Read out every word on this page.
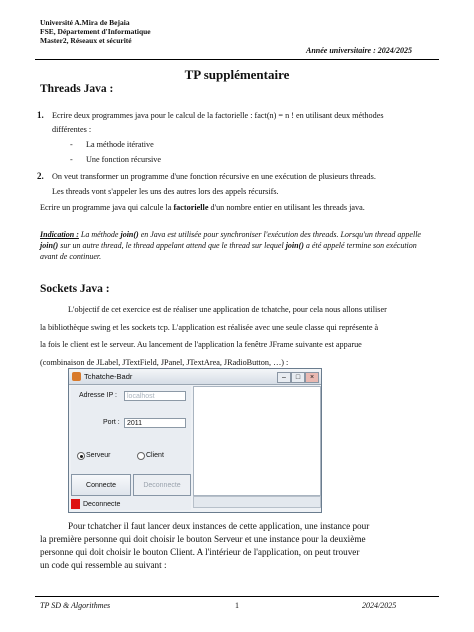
Université A.Mira de Bejaia
FSE, Département d'Informatique
Master2, Réseaux et sécurité
Année universitaire : 2024/2025
TP supplémentaire
Threads Java :
1. Ecrire deux programmes java pour le calcul de la factorielle : fact(n) = n ! en utilisant deux méthodes
différentes :
- La méthode itérative
- Une fonction récursive
2. On veut transformer un programme d'une fonction récursive en une exécution de plusieurs threads.
Les threads vont s'appeler les uns des autres lors des appels récursifs.
Ecrire un programme java qui calcule la factorielle d'un nombre entier en utilisant les threads java.
Indication : La méthode join() en Java est utilisée pour synchroniser l'exécution des threads. Lorsqu'un thread appelle join() sur un autre thread, le thread appelant attend que le thread sur lequel join() a été appelé termine son exécution avant de continuer.
Sockets Java :
L'objectif de cet exercice est de réaliser une application de tchatche, pour cela nous allons utiliser
la bibliothèque swing et les sockets tcp. L'application est réalisée avec une seule classe qui représente à
la fois le client est le serveur. Au lancement de l'application la fenêtre JFrame suivante est apparue
(combinaison de JLabel, JTextField, JPanel, JTextArea, JRadioButton, …) :
Tchatche-Badr	–	□	×
Adresse IP :	localhost
Port :	2011
Serveur	Client
Connecte	Deconnecte
Deconnecte
Pour tchatcher il faut lancer deux instances de cette application, une instance pour
la première personne qui doit choisir le bouton Serveur et une instance pour la deuxième
personne qui doit choisir le bouton Client. A l'intérieur de l'application, on peut trouver
un code qui ressemble au suivant :
TP SD & Algorithmes	1	2024/2025
